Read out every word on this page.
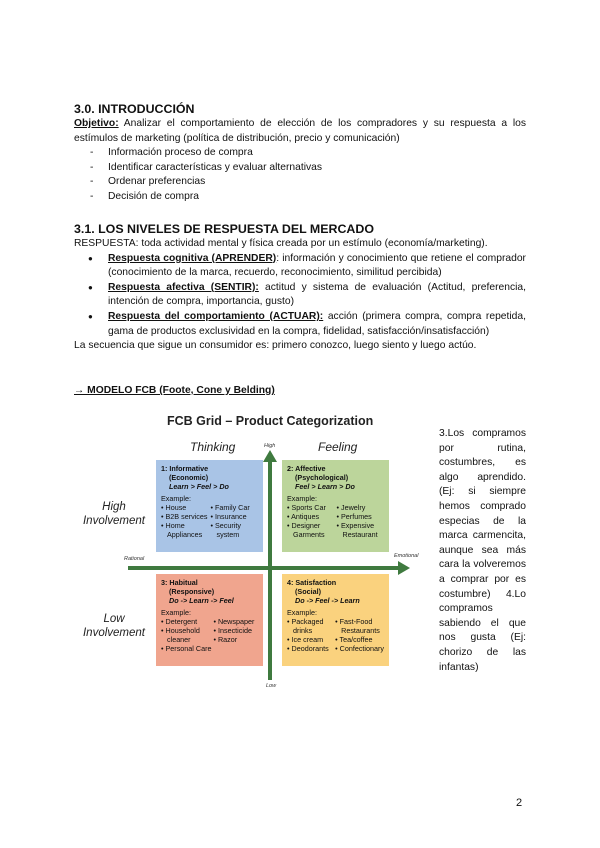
3.0. INTRODUCCIÓN

Objetivo: Analizar el comportamiento de elección de los compradores y su respuesta a los estímulos de marketing (política de distribución, precio y comunicación)

- Información proceso de compra
- Identificar características y evaluar alternativas
- Ordenar preferencias
- Decisión de compra
3.1. LOS NIVELES DE RESPUESTA DEL MERCADO

RESPUESTA: toda actividad mental y física creada por un estímulo (economía/marketing).

● Respuesta cognitiva (APRENDER): información y conocimiento que retiene el comprador (conocimiento de la marca, recuerdo, reconocimiento, similitud percibida)
● Respuesta afectiva (SENTIR): actitud y sistema de evaluación (Actitud, preferencia, intención de compra, importancia, gusto)
● Respuesta del comportamiento (ACTUAR): acción (primera compra, compra repetida, gama de productos exclusividad en la compra, fidelidad, satisfacción/insatisfacción)

La secuencia que sigue un consumidor es: primero conozco, luego siento y luego actúo.

→ MODELO FCB (Foote, Cone y Belding)
FCB Grid – Product Categorization
Thinking	Feeling
High
Involvement
Low
Involvement
High
Low
Rational	Emotional
1: Informative
(Economic)
Learn > Feel > Do
Example:
• House	• Family Car
• B2B services • Insurance
• Home	• Security
Appliances	system
2: Affective
(Psychological)
Feel > Learn > Do
Example:
• Sports Car	• Jewelry
• Antiques	• Perfumes
• Designer	• Expensive
Garments	Restaurant
3: Habitual
(Responsive)
Do -> Learn -> Feel
Example:
• Detergent	• Newspaper
• Household	• Insecticide
cleaner	• Razor
• Personal Care
4: Satisfaction
(Social)
Do -> Feel -> Learn
Example:
• Packaged	• Fast-Food
drinks	Restaurants
• Ice cream	• Tea/coffee
• Deodorants • Confectionary
3.Los compramos por rutina, costumbres, es algo aprendido. (Ej: si siempre hemos comprado especias de la marca carmencita, aunque sea más cara la volveremos a comprar por es costumbre) 4.Lo compramos sabiendo el que nos gusta (Ej: chorizo de las infantas)
2
